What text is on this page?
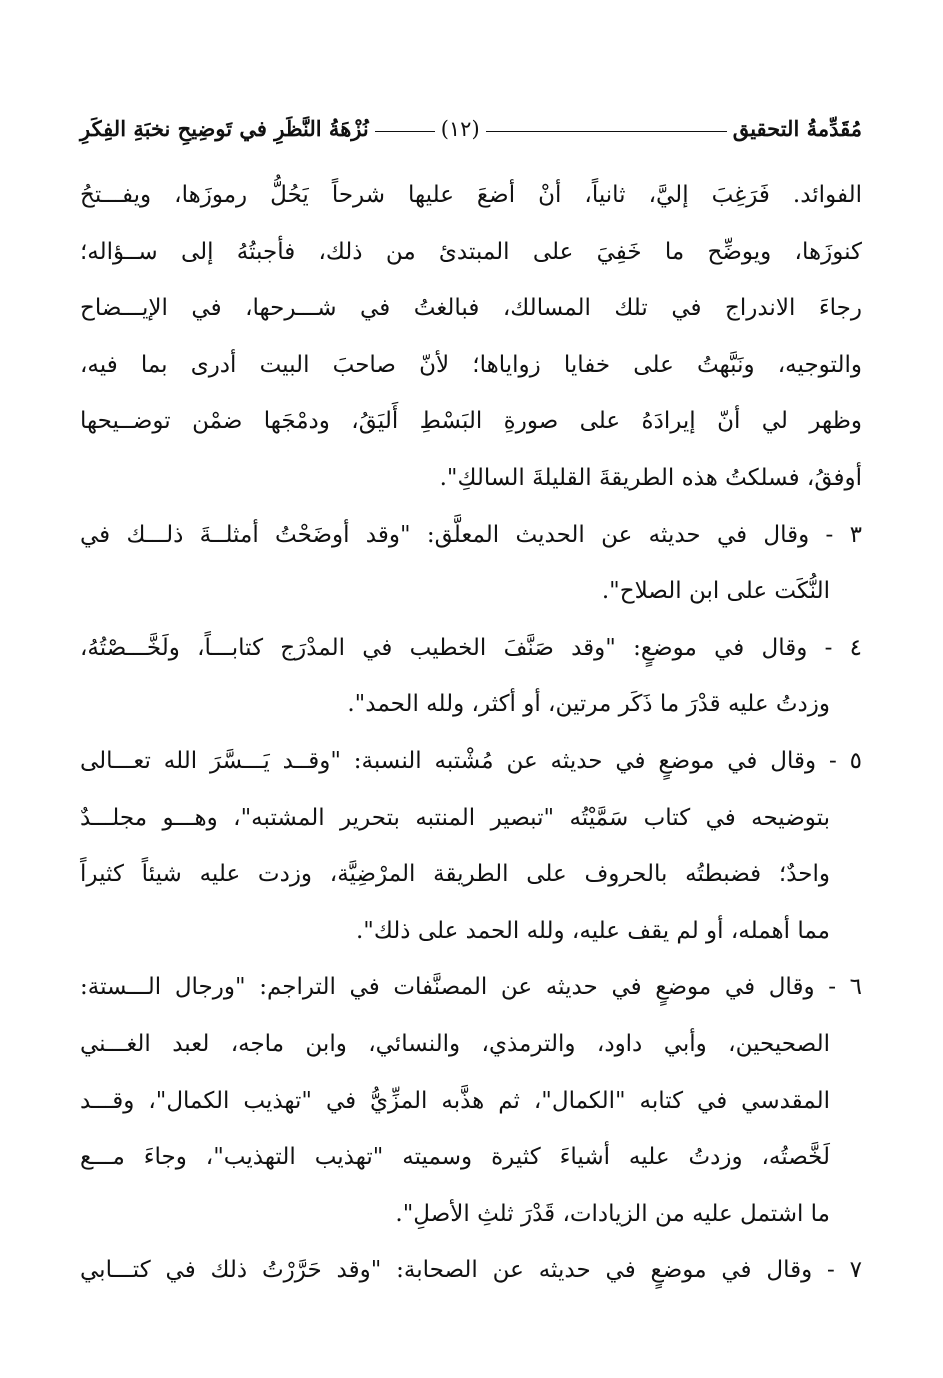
مُقَدِّمةُ التحقيق
(١٢)
نُزْهَةُ النَّظَرِ في تَوضِيحِ نخبَةِ الفِكَرِ

الفوائد. فَرَغِبَ إليَّ، ثانياً، أنْ أضعَ عليها شرحاً يَحُلُّ رموزَها، ويفـــتحُ

كنوزَها، ويوضِّح ما خَفِيَ على المبتدئ من ذلك، فأجبتُهُ إلى ســؤاله؛

رجاءَ الاندراج في تلك المسالك، فبالغتُ في شـــرحها، في الإيـــضاح

والتوجيه، ونَبَّهتُ على خفايا زواياها؛ لأنّ صاحبَ البيت أدرى بما فيه،

وظهر لي أنّ إيرادَهُ على صورةِ البَسْطِ أَليَقُ، ودمْجَها ضمْن توضــيحها

أوفقُ، فسلكتُ هذه الطريقةَ القليلةَ السالكِ".

٣ - وقال في حديثه عن الحديث المعلَّق: "وقد أوضَحْتُ أمثلــةَ ذلـــك في

النُّكَت على ابن الصلاح".

٤ - وقال في موضعٍ: "وقد صَنَّفَ الخطيب في المدْرَج كتابـــاً، ولَخَّـــصْتُهُ،

وزدتُ عليه قدْرَ ما ذَكَر مرتين، أو أكثر، ولله الحمد".

٥ - وقال في موضعٍ في حديثه عن مُشْتبه النسبة: "وقــد يَـــسَّرَ الله تعـــالى

بتوضيحه في كتاب سَمَّيْتُه "تبصير المنتبه بتحرير المشتبه"، وهـــو مجلـــدٌ

واحدٌ؛ فضبطتُه بالحروف على الطريقة المرْضِيَّة، وزدت عليه شيئاً كثيراً

مما أهمله، أو لم يقف عليه، ولله الحمد على ذلك".

٦ - وقال في موضعٍ في حديثه عن المصنَّفات في التراجم: "ورجال الـــستة:

الصحيحين، وأبي داود، والترمذي، والنسائي، وابن ماجه، لعبد الغـــني

المقدسي في كتابه "الكمال"، ثم هذَّبه المزِّيُّ في "تهذيب الكمال"، وقـــد

لَخَّصتُه، وزدتُ عليه أشياءَ كثيرة وسميته "تهذيب التهذيب"، وجاءَ مـــع

ما اشتمل عليه من الزيادات، قَدْرَ ثلثِ الأصلِ".

٧ - وقال في موضعٍ في حديثه عن الصحابة: "وقد حَرَّرْتُ ذلك في كتـــابي
